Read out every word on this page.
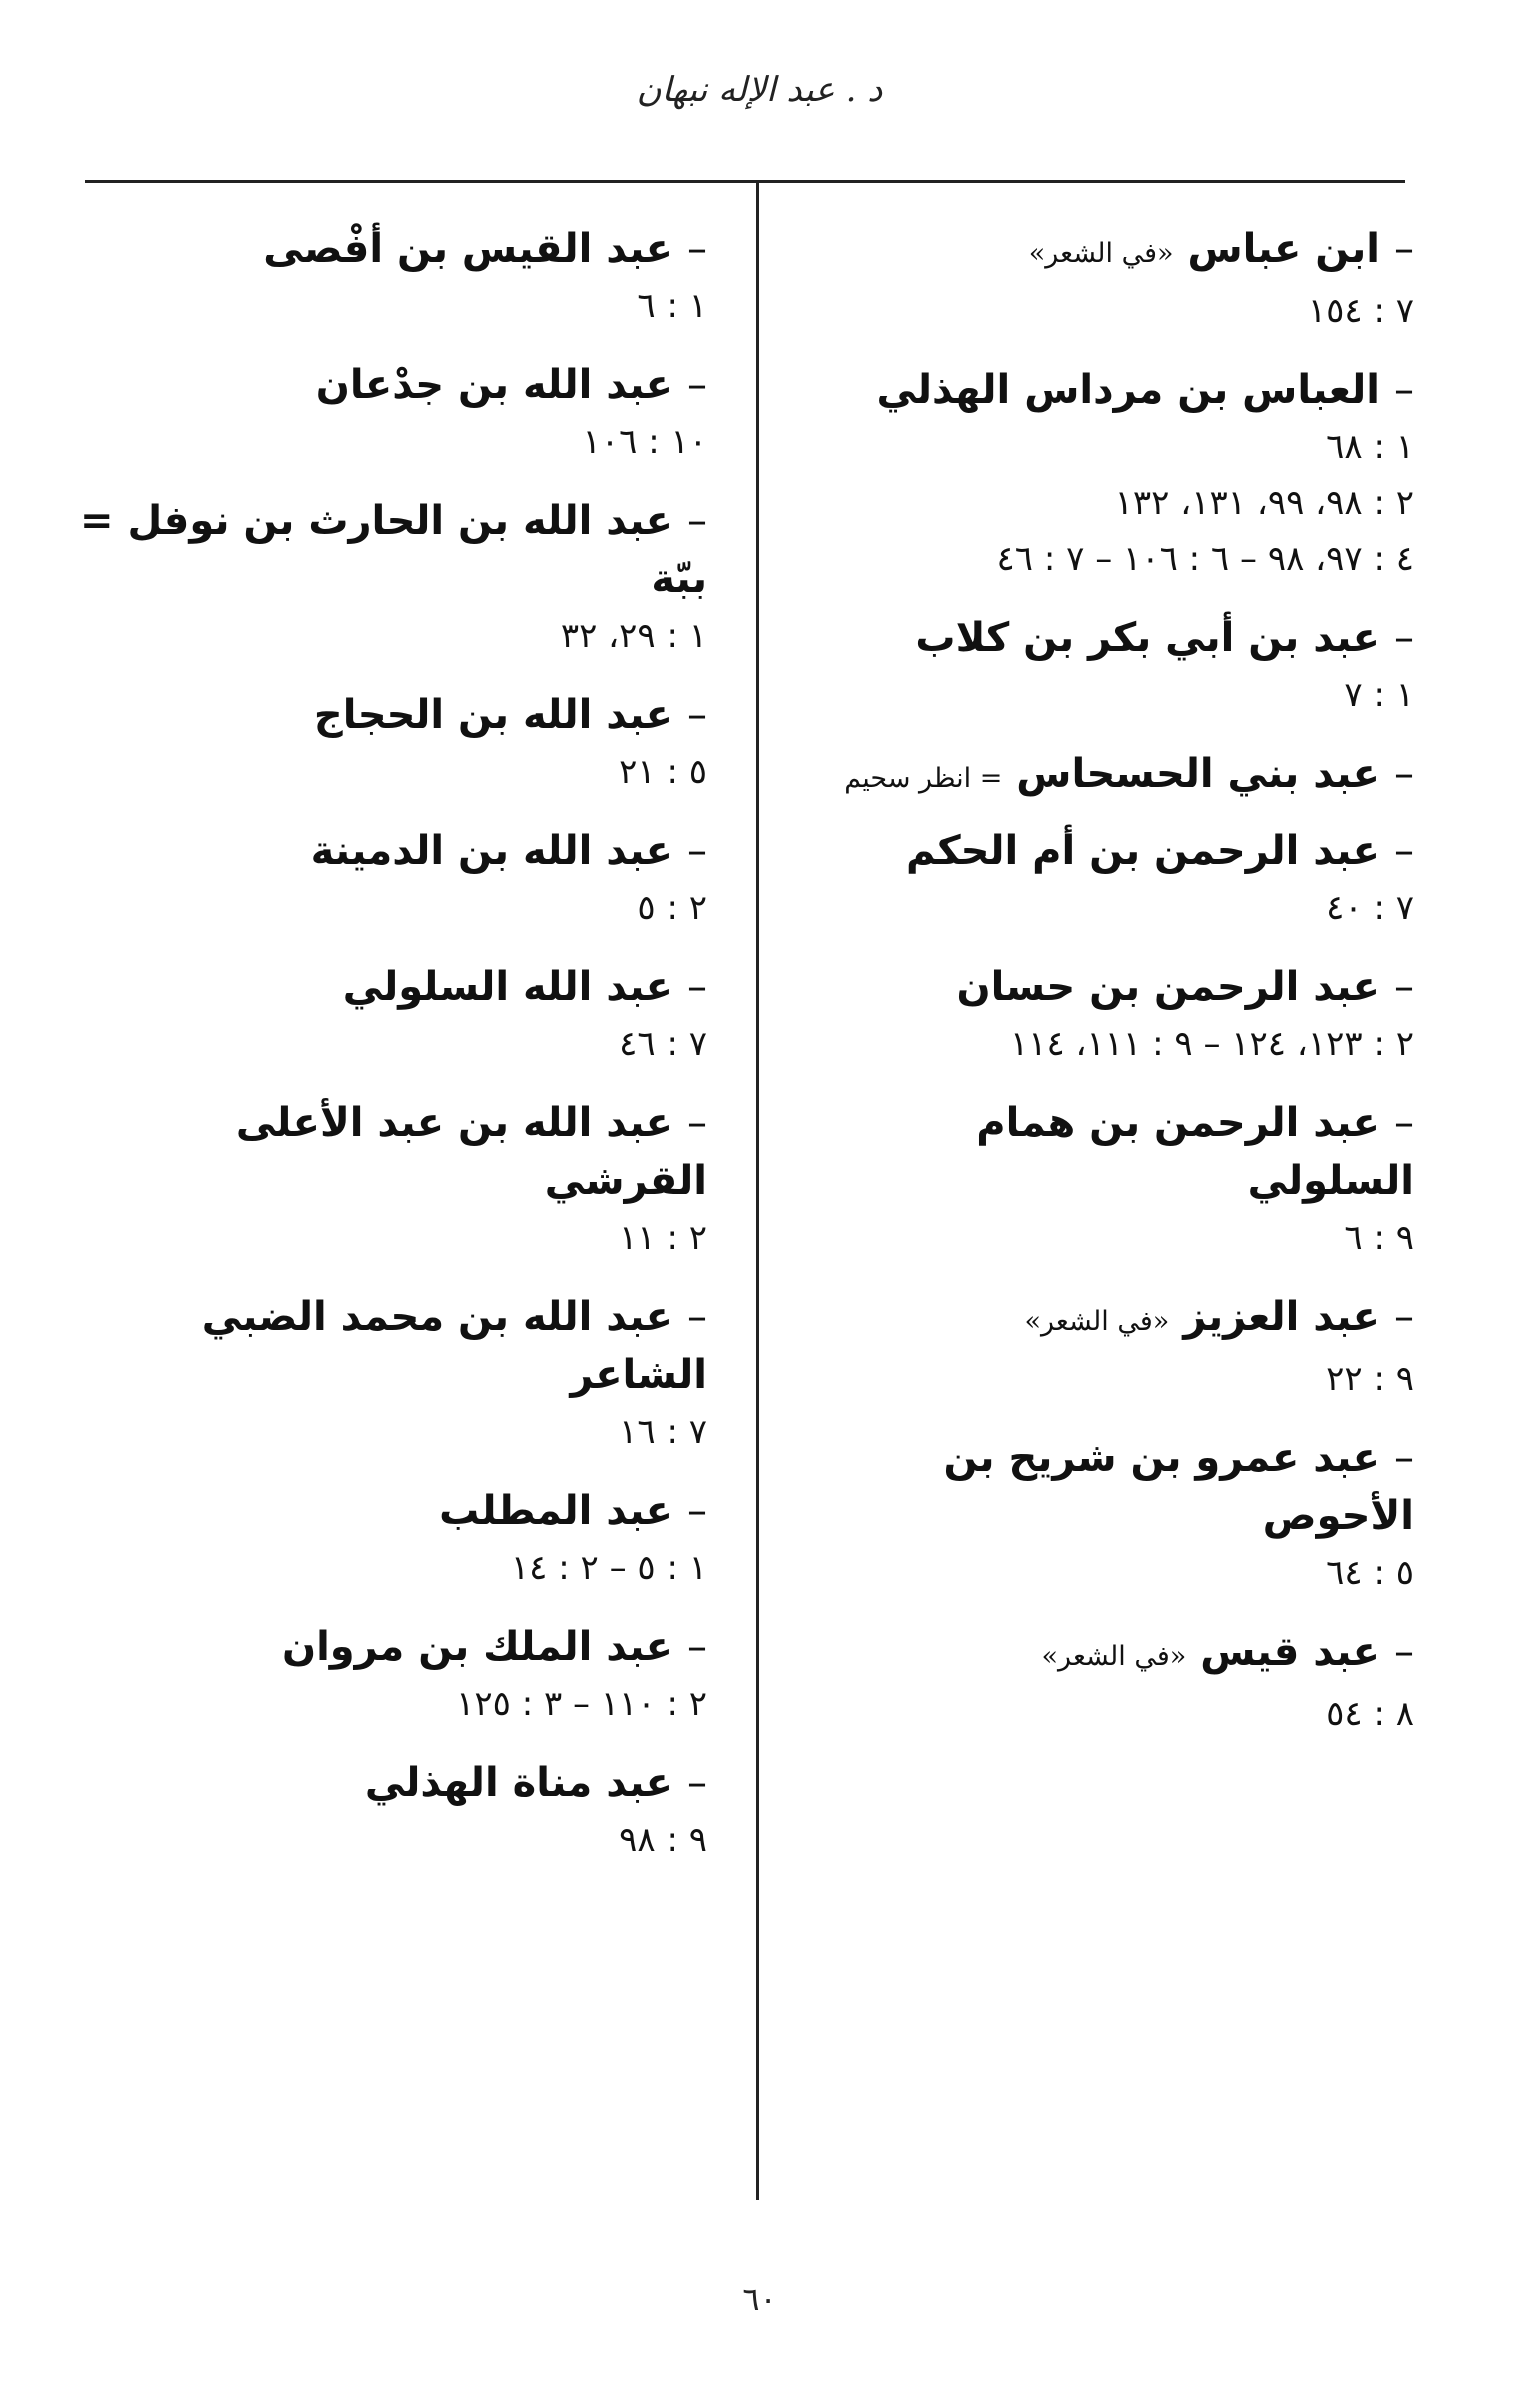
د . عبد الإله نبهان

–ابن عباس «في الشعر»

٧ : ١٥٤

–العباس بن مرداس الهذلي

١ : ٦٨

٢ : ٩٨، ٩٩، ١٣١، ١٣٢

٤ : ٩٧، ٩٨ – ٦ : ١٠٦ – ٧ : ٤٦

–عبد بن أبي بكر بن كلاب

١ : ٧

–عبد بني الحسحاس = انظر سحيم

–عبد الرحمن بن أم الحكم

٧ : ٤٠

–عبد الرحمن بن حسان

٢ : ١٢٣، ١٢٤ – ٩ : ١١١، ١١٤

–عبد الرحمن بن همام السلولي

٩ : ٦

–عبد العزيز «في الشعر»

٩ : ٢٢

–عبد عمرو بن شريح بن الأحوص

٥ : ٦٤

–عبد قيس «في الشعر»

٨ : ٥٤

–عبد القيس بن أفْصى

١ : ٦

–عبد الله بن جدْعان

١٠ : ١٠٦

–عبد الله بن الحارث بن نوفل = ببّة

١ : ٢٩، ٣٢

–عبد الله بن الحجاج

٥ : ٢١

–عبد الله بن الدمينة

٢ : ٥

–عبد الله السلولي

٧ : ٤٦

–عبد الله بن عبد الأعلى القرشي

٢ : ١١

–عبد الله بن محمد الضبي الشاعر

٧ : ١٦

–عبد المطلب

١ : ٥ – ٢ : ١٤

–عبد الملك بن مروان

٢ : ١١٠ – ٣ : ١٢٥

–عبد مناة الهذلي

٩ : ٩٨

٦٠
